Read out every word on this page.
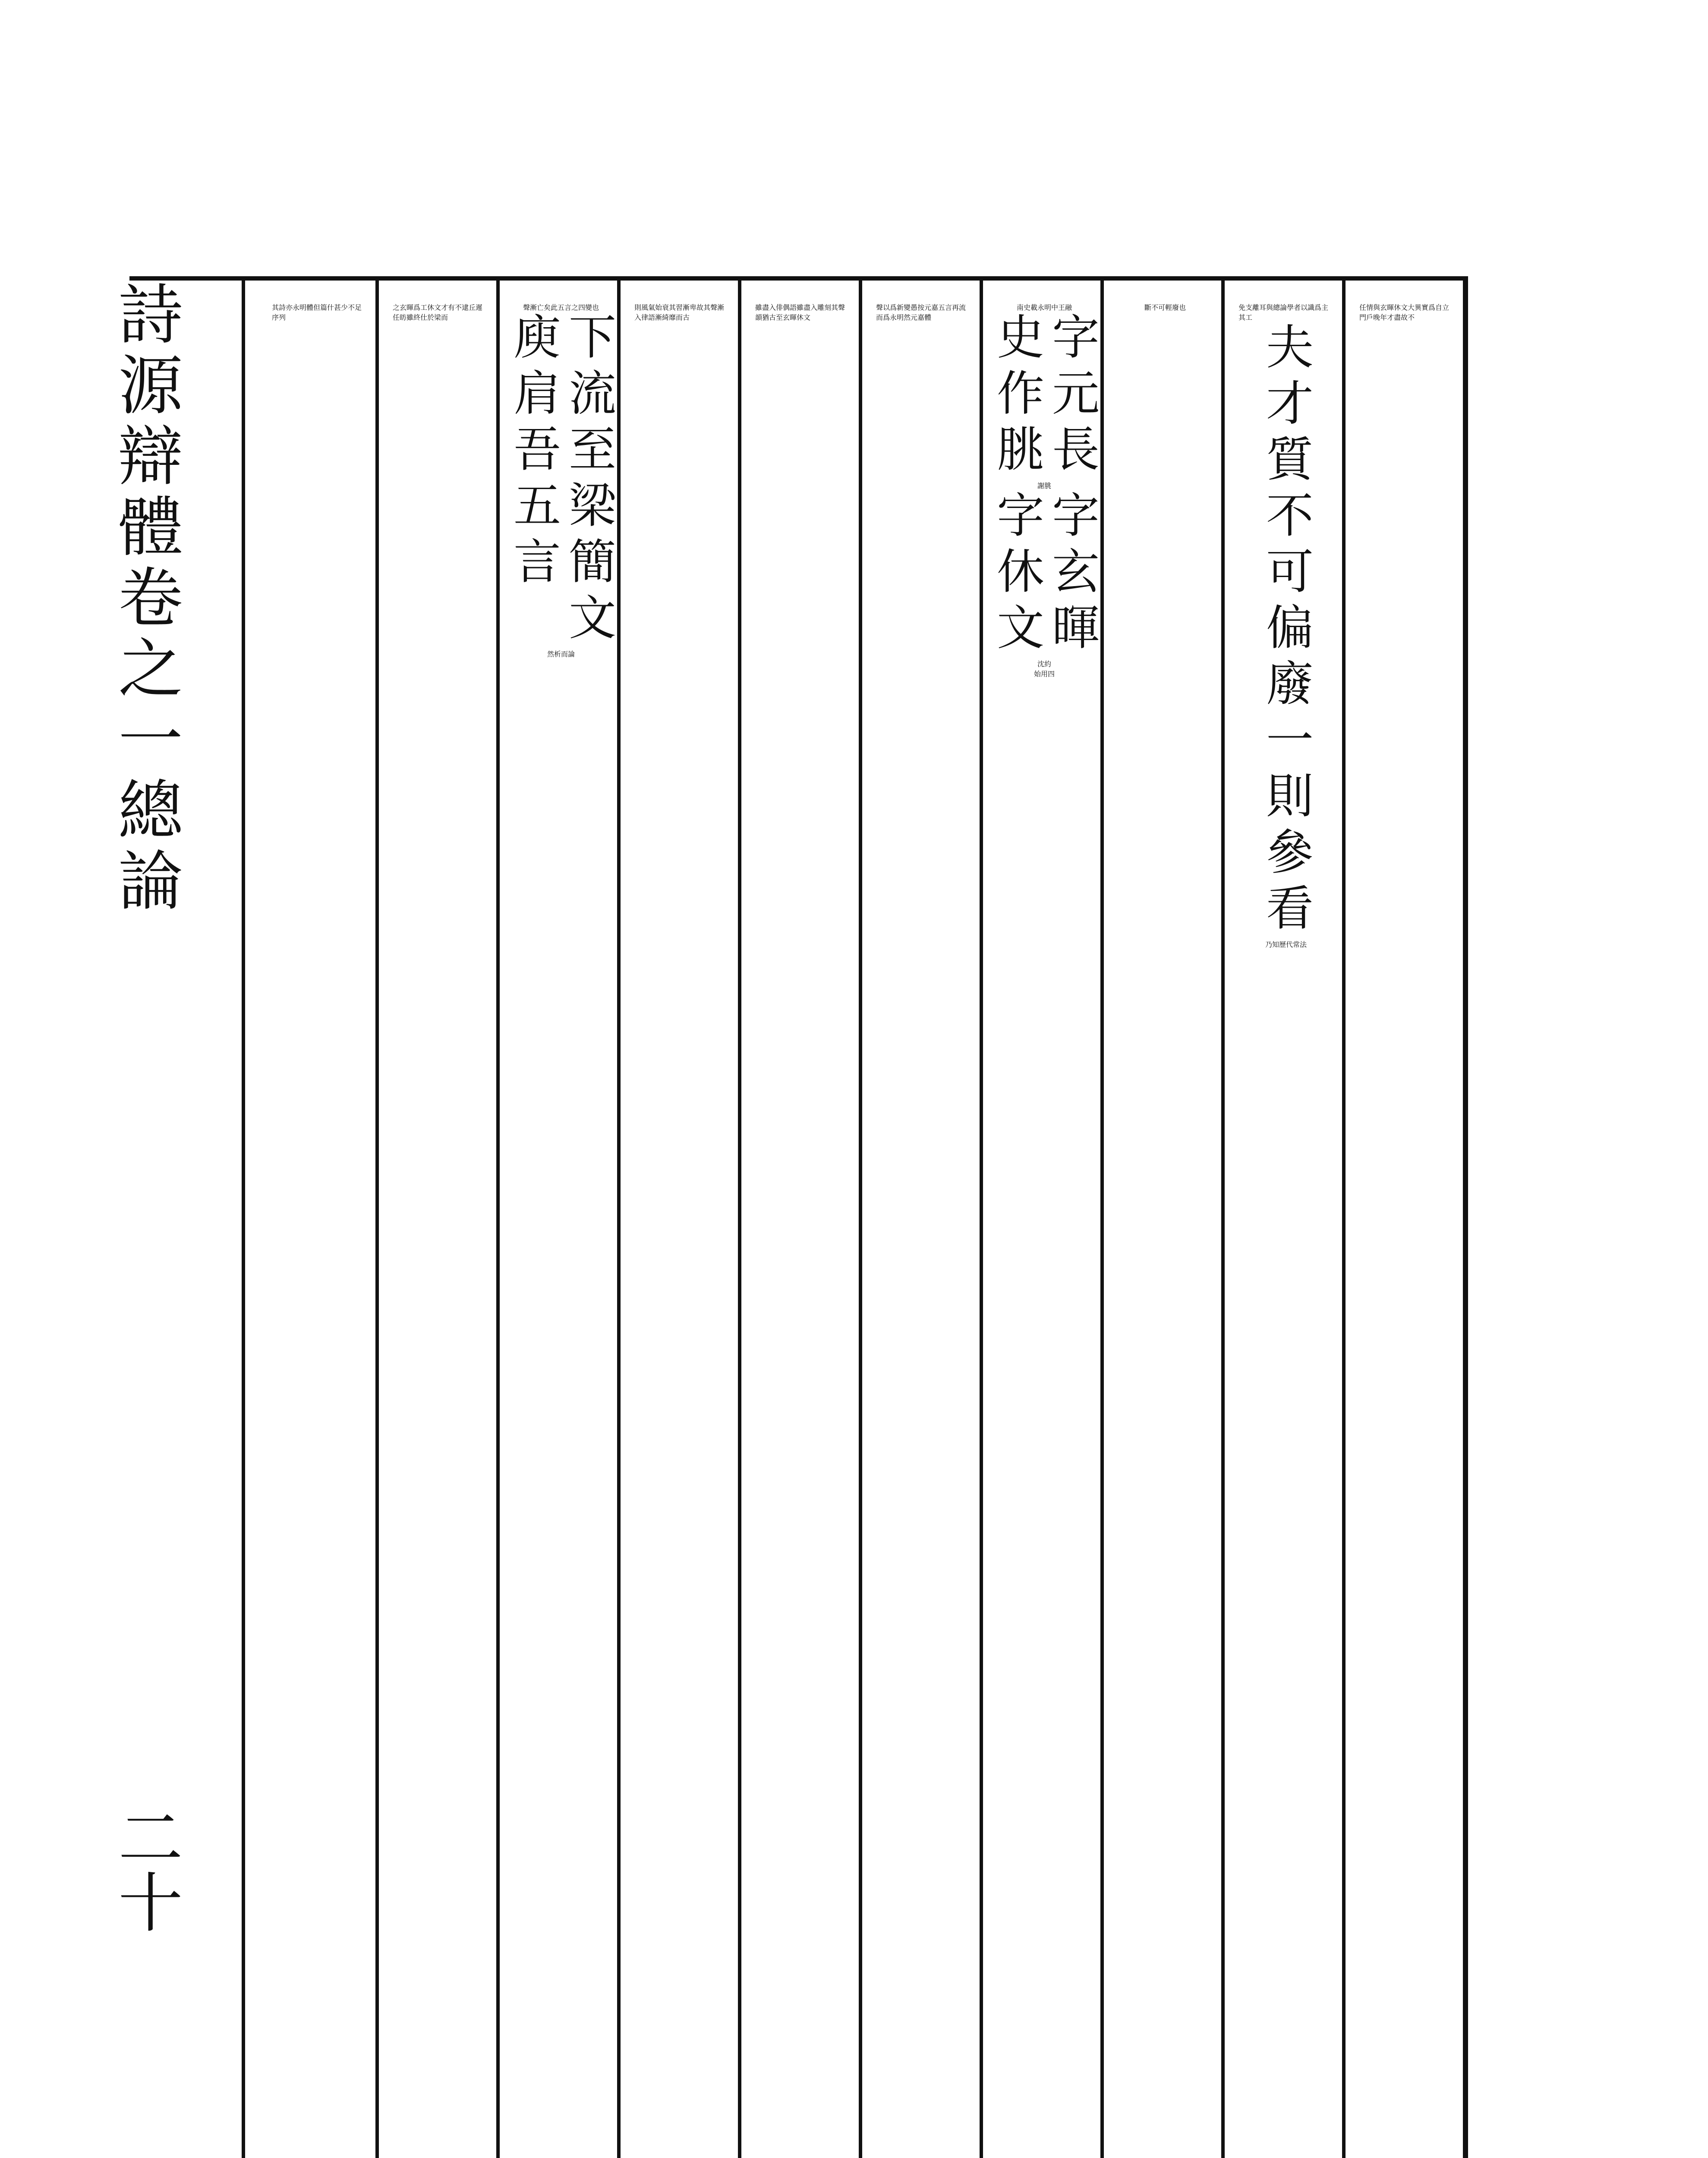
詩源辯體卷之一總論
二十
任情與玄暉休文大異實爲自立門戶晚年才盡故不
免支離耳與總論學者以識爲主其工
夫才質不可偏廢一則參看
乃知歷代常法
斷不可輕廢也
南史載永明中王融
字元長
史作朓
謝朓
字玄暉
字休文
沈約
始用四
聲以爲新變愚按元嘉五言再流而爲永明然元嘉體
雖盡入俳偶語雖盡入雕刻其聲韻猶古至玄暉休文
則風氣始衰其習漸卑故其聲漸入律語漸綺靡而古
聲漸亡矣此五言之四變也
下流至梁簡文
庾肩吾五言
然析而論
之玄暉爲工休文才有不逮丘遲任昉雖終仕於梁而
其詩亦永明體但篇什甚少不足序列
